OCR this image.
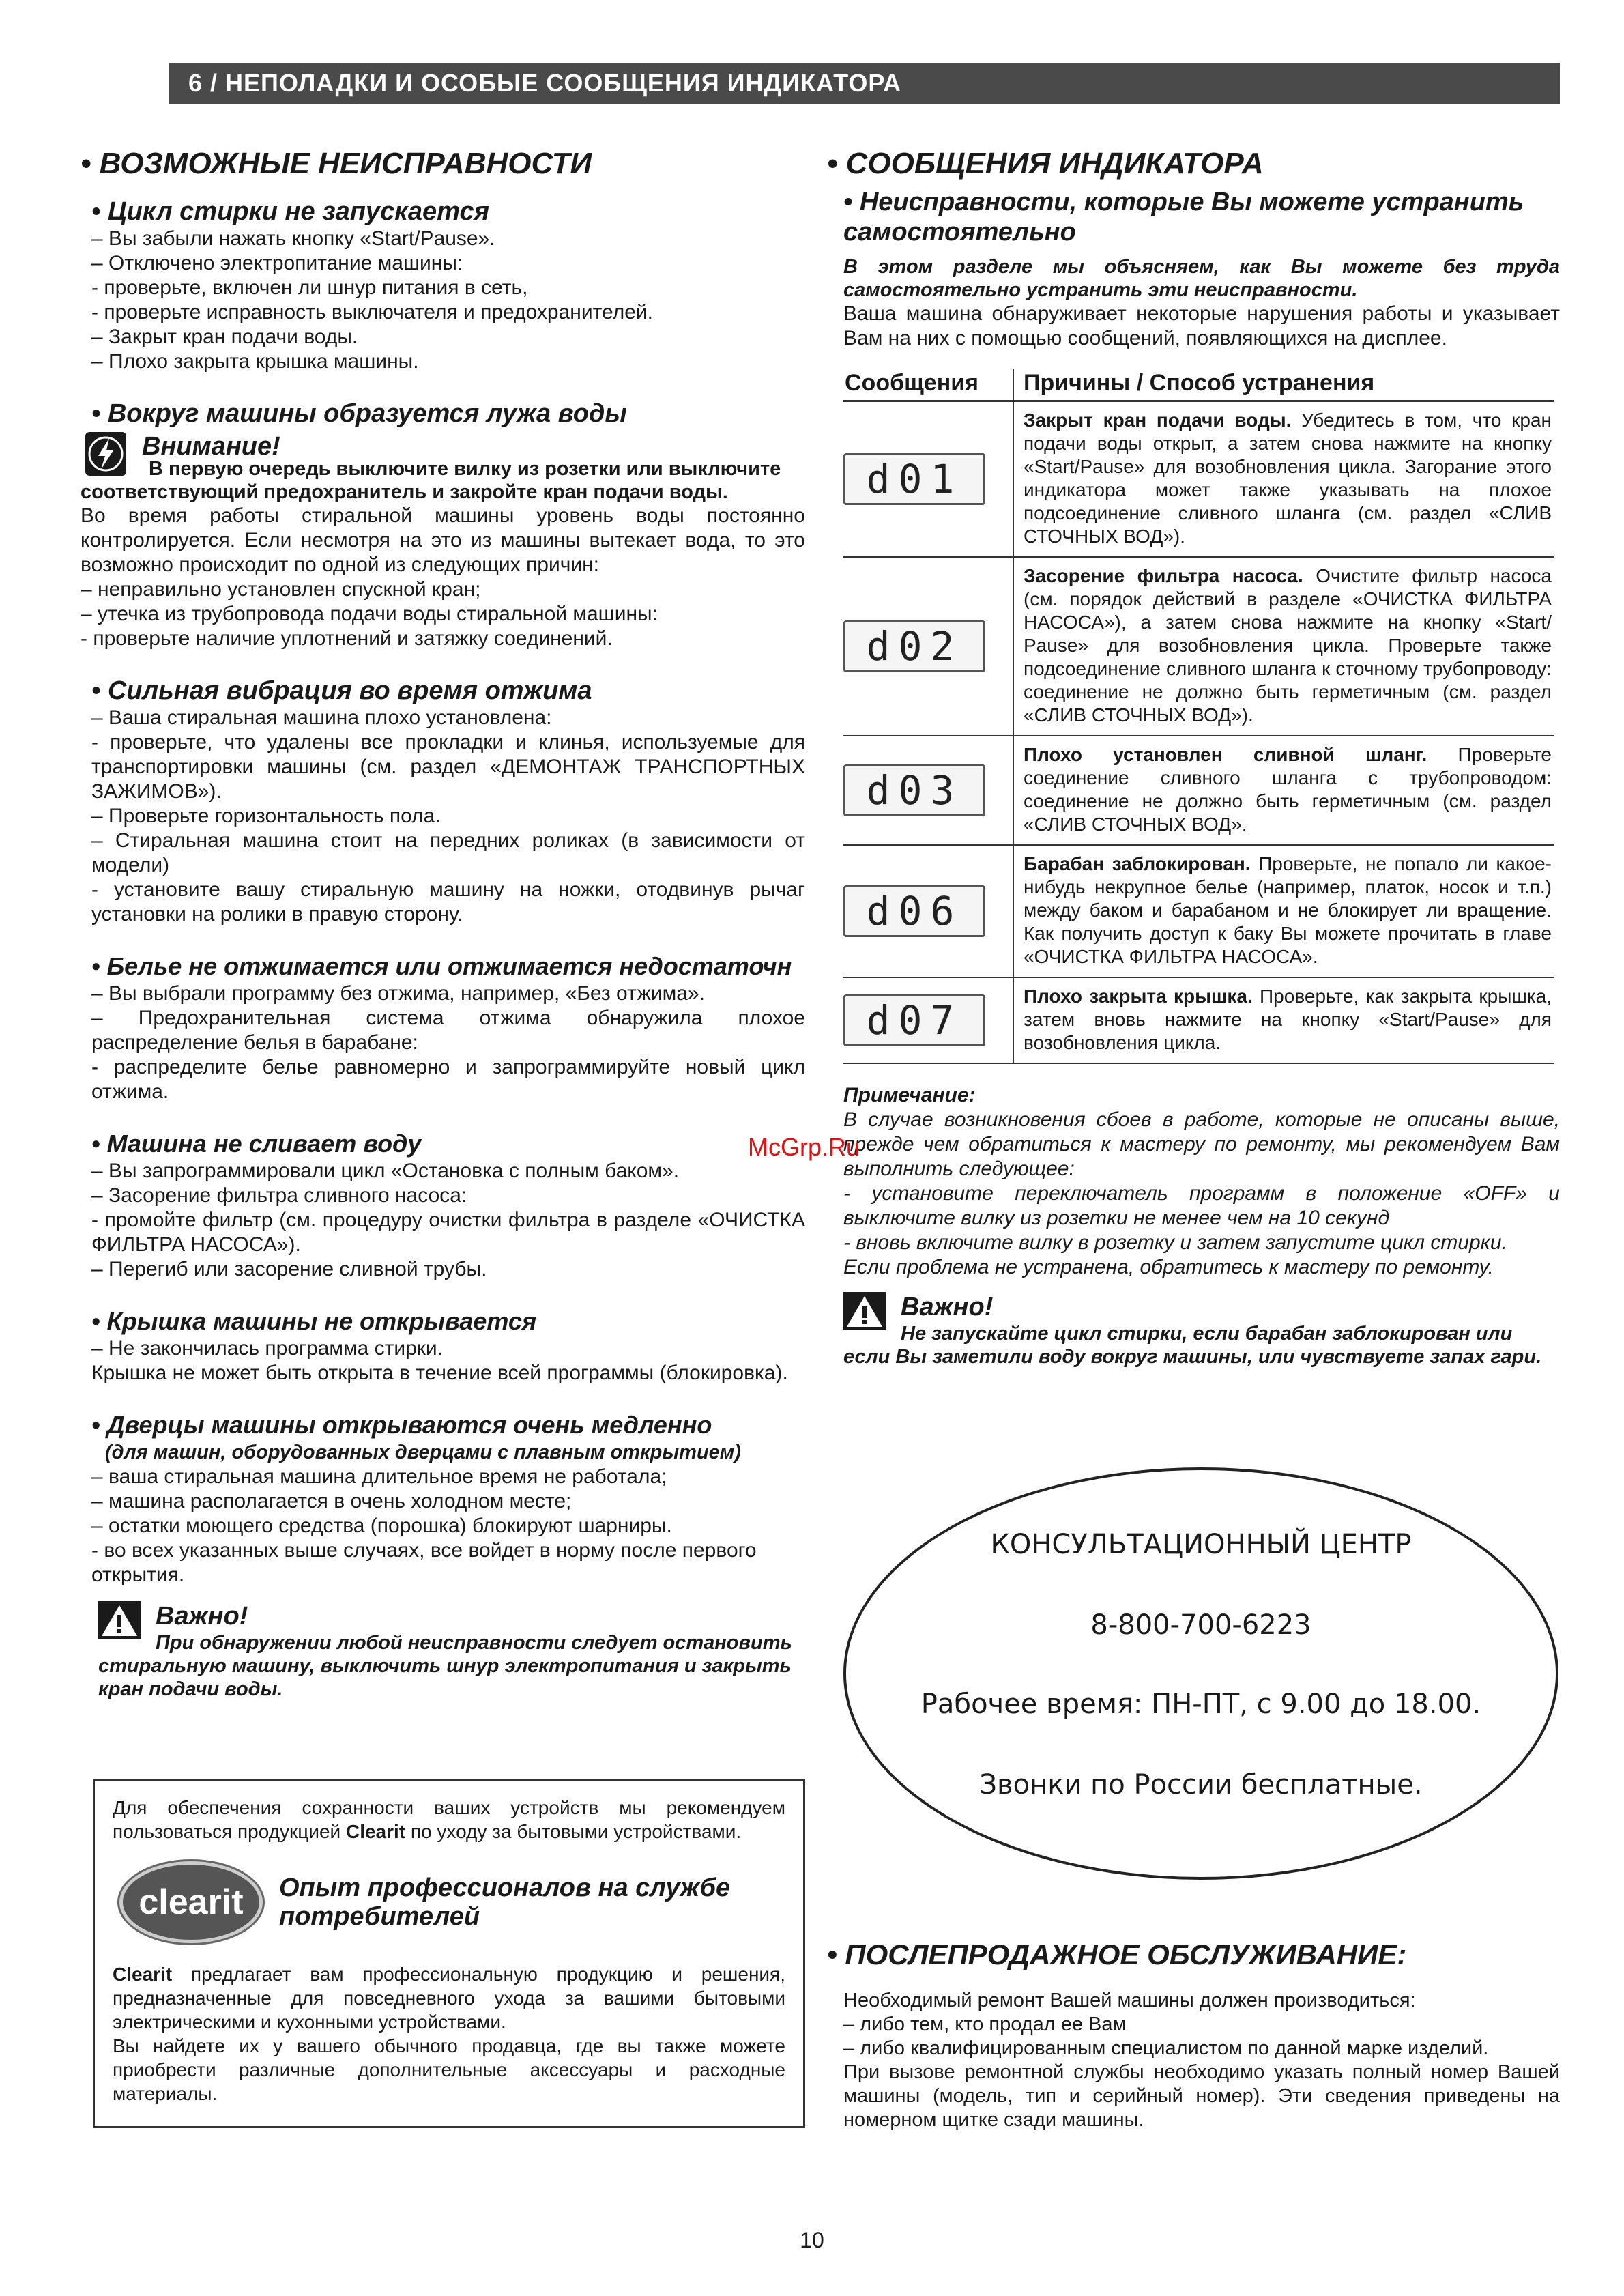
6 / НЕПОЛАДКИ И ОСОБЫЕ СООБЩЕНИЯ ИНДИКАТОРА

• ВОЗМОЖНЫЕ НЕИСПРАВНОСТИ

• Цикл стирки не запускается

– Вы забыли нажать кнопку «Start/Pause».

– Отключено электропитание машины:

- проверьте, включен ли шнур питания в сеть,

- проверьте исправность выключателя и предохранителей.

– Закрыт кран подачи воды.

– Плохо закрыта крышка машины.

• Вокруг машины образуется лужа воды

Внимание!

В первую очередь выключите вилку из розетки или выключите соответствующий предохранитель и закройте кран подачи воды.

Во время работы стиральной машины уровень воды постоянно контролируется. Если несмотря на это из машины вытекает вода, то это возможно происходит по одной из следующих причин:

– неправильно установлен спускной кран;

– утечка из трубопровода подачи воды стиральной машины:

- проверьте наличие уплотнений и затяжку соединений.

• Сильная вибрация во время отжима

– Ваша стиральная машина плохо установлена:

- проверьте, что удалены все прокладки и клинья, используемые для транспортировки машины (см. раздел «ДЕМОНТАЖ ТРАНСПОРТНЫХ ЗАЖИМОВ»).

– Проверьте горизонтальность пола.

– Стиральная машина стоит на передних роликах (в зависимости от модели)

- установите вашу стиральную машину на ножки, отодвинув рычаг установки на ролики в правую сторону.

• Белье не отжимается или отжимается недостаточн

– Вы выбрали программу без отжима, например, «Без отжима».

– Предохранительная система отжима обнаружила плохое распределение белья в барабане:

- распределите белье равномерно и запрограммируйте новый цикл отжима.

• Машина не сливает воду

– Вы запрограммировали цикл «Остановка с полным баком».

– Засорение фильтра сливного насоса:

- промойте фильтр (см. процедуру очистки фильтра в разделе «ОЧИСТКА ФИЛЬТРА НАСОСА»).

– Перегиб или засорение сливной трубы.

• Крышка машины не открывается

– Не закончилась программа стирки.

Крышка не может быть открыта в течение всей программы (блокировка).

• Дверцы машины открываются очень медленно

(для машин, оборудованных дверцами с плавным открытием)

– ваша стиральная машина длительное время не работала;

– машина располагается в очень холодном месте;

– остатки моющего средства (порошка) блокируют шарниры.

- во всех указанных выше случаях, все войдет в норму после первого открытия.

Важно!

При обнаружении любой неисправности следует остановить стиральную машину, выключить шнур электропитания и закрыть кран подачи воды.

Для обеспечения сохранности ваших устройств мы рекомендуем пользоваться продукцией Clearit по уходу за бытовыми устройствами.

clearit Опыт профессионалов на службе потребителей

Clearit предлагает вам профессиональную продукцию и решения, предназначенные для повседневного ухода за вашими бытовыми электрическими и кухонными устройствами.

Вы найдете их у вашего обычного продавца, где вы также можете приобрести различные дополнительные аксессуары и расходные материалы.

• СООБЩЕНИЯ ИНДИКАТОРА

• Неисправности, которые Вы можете устранить самостоятельно

В этом разделе мы объясняем, как Вы можете без труда самостоятельно устранить эти неисправности.

Ваша машина обнаруживает некоторые нарушения работы и указывает Вам на них с помощью сообщений, появляющихся на дисплее.

Сообщения	Причины / Способ устранения

d01	Закрыт кран подачи воды. Убедитесь в том, что кран подачи воды открыт, а затем снова нажмите на кнопку «Start/Pause» для возобновления цикла. Загорание этого индикатора может также указывать на плохое подсоединение сливного шланга (см. раздел «СЛИВ СТОЧНЫХ ВОД»).

d02	Засорение фильтра насоса. Очистите фильтр насоса (см. порядок действий в разделе «ОЧИСТКА ФИЛЬТРА НАСОСА»), а затем снова нажмите на кнопку «Start/ Pause» для возобновления цикла. Проверьте также подсоединение сливного шланга к сточному трубопроводу: соединение не должно быть герметичным (см. раздел «СЛИВ СТОЧНЫХ ВОД»).

d03	Плохо установлен сливной шланг. Проверьте соединение сливного шланга с трубопроводом: соединение не должно быть герметичным (см. раздел «СЛИВ СТОЧНЫХ ВОД».

d06	Барабан заблокирован. Проверьте, не попало ли какое-нибудь некрупное белье (например, платок, носок и т.п.) между баком и барабаном и не блокирует ли вращение. Как получить доступ к баку Вы можете прочитать в главе «ОЧИСТКА ФИЛЬТРА НАСОСА».

d07	Плохо закрыта крышка. Проверьте, как закрыта крышка, затем вновь нажмите на кнопку «Start/Pause» для возобновления цикла.

Примечание:

В случае возникновения сбоев в работе, которые не описаны выше, прежде чем обратиться к мастеру по ремонту, мы рекомендуем Вам выполнить следующее:

- установите переключатель программ в положение «OFF» и выключите вилку из розетки не менее чем на 10 секунд

- вновь включите вилку в розетку и затем запустите цикл стирки.

Если проблема не устранена, обратитесь к мастеру по ремонту.

Важно!

Не запускайте цикл стирки, если барабан заблокирован или если Вы заметили воду вокруг машины, или чувствуете запах гари.

КОНСУЛЬТАЦИОННЫЙ ЦЕНТР
8-800-700-6223
Рабочее время: ПН-ПТ, с 9.00 до 18.00.
Звонки по России бесплатные.

• ПОСЛЕПРОДАЖНОЕ ОБСЛУЖИВАНИЕ:

Необходимый ремонт Вашей машины должен производиться:

– либо тем, кто продал ее Вам

– либо квалифицированным специалистом по данной марке изделий.

При вызове ремонтной службы необходимо указать полный номер Вашей машины (модель, тип и серийный номер). Эти сведения приведены на номерном щитке сзади машины.

McGrp.Ru
10
